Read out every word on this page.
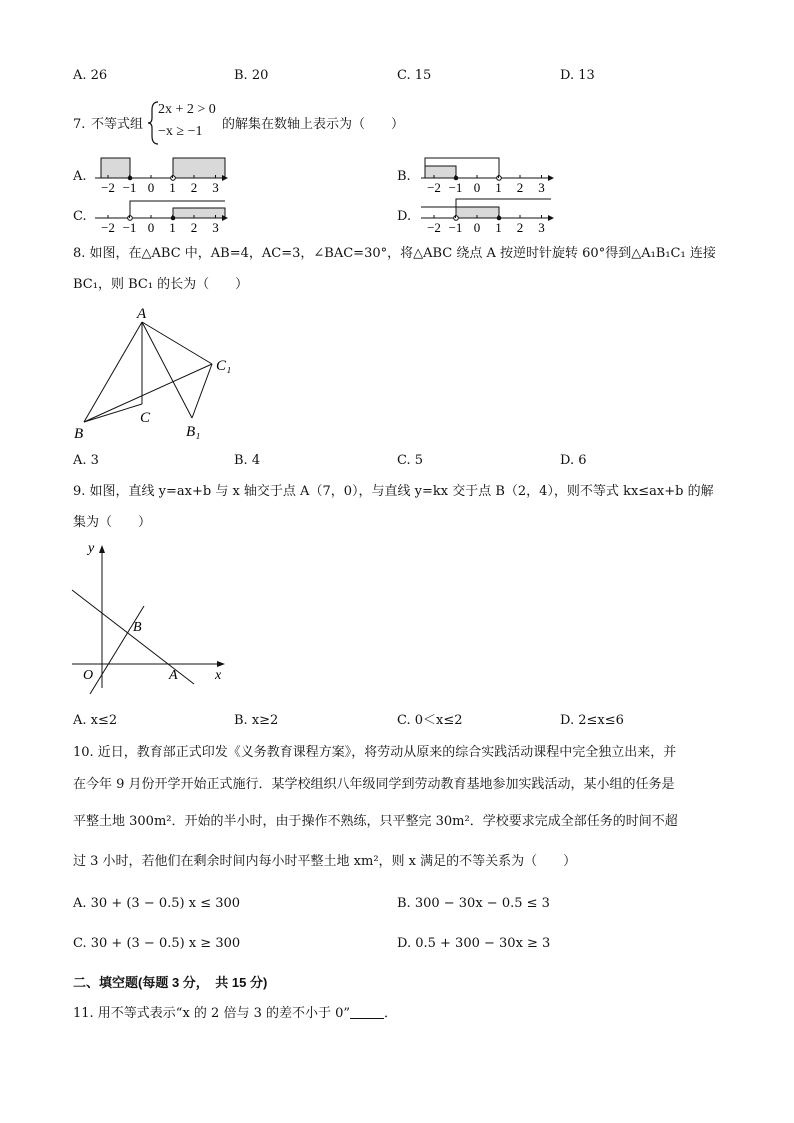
A. 26	B. 20	C. 15	D. 13
7. 不等式组
2x + 2 > 0
−x ≥ −1 的解集在数轴上表示为（　　）
A.	B.
C.	D.
−2 −1 0 1 2 3	−2 −1 0 1 2 3
−2 −1 0 1 2 3	−2 −1 0 1 2 3
8. 如图，在△ABC 中，AB=4，AC=3，∠BAC=30°，将△ABC 绕点 A 按逆时针旋转 60°得到△A₁B₁C₁ 连接
BC₁，则 BC₁ 的长为（　　）
A
B
C
C₁
B₁
A. 3	B. 4	C. 5	D. 6
9. 如图，直线 y=ax+b 与 x 轴交于点 A（7，0），与直线 y=kx 交于点 B（2，4），则不等式 kx≤ax+b 的解
集为（　　）
y
x
O	A
B
A. x≤2	B. x≥2	C. 0＜x≤2	D. 2≤x≤6
10. 近日，教育部正式印发《义务教育课程方案》，将劳动从原来的综合实践活动课程中完全独立出来，并
在今年 9 月份开学开始正式施行．某学校组织八年级同学到劳动教育基地参加实践活动，某小组的任务是
平整土地 300m²．开始的半小时，由于操作不熟练，只平整完 30m²．学校要求完成全部任务的时间不超
过 3 小时，若他们在剩余时间内每小时平整土地 xm²，则 x 满足的不等关系为（　　）
A. 30 + (3 − 0.5) x ≤ 300	B. 300 − 30x − 0.5 ≤ 3
C. 30 + (3 − 0.5) x ≥ 300	D. 0.5 + 300 − 30x ≥ 3
二、填空题(每题 3 分，　共 15 分)
11. 用不等式表示“x 的 2 倍与 3 的差不小于 0”	．
